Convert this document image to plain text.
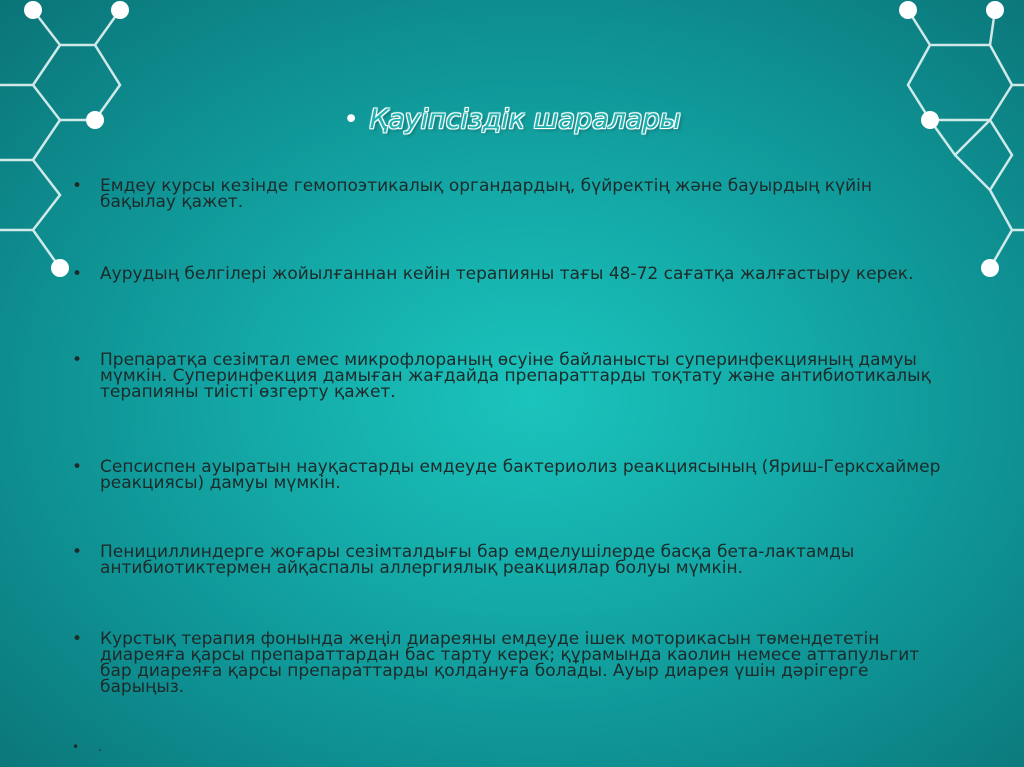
• Қауіпсіздік шаралары
•	Емдеу курсы кезінде гемопоэтикалық органдардың, бүйректің және бауырдың күйін бақылау қажет.
•	Аурудың белгілері жойылғаннан кейін терапияны тағы 48-72 сағатқа жалғастыру керек.
•	Препаратқа сезімтал емес микрофлораның өсуіне байланысты суперинфекцияның дамуы мүмкін. Суперинфекция дамыған жағдайда препараттарды тоқтату және антибиотикалық терапияны тиісті өзгерту қажет.
•	Сепсиспен ауыратын науқастарды емдеуде бактериолиз реакциясының (Яриш-Герксхаймер реакциясы) дамуы мүмкін.
•	Пенициллиндерге жоғары сезімталдығы бар емделушілерде басқа бета-лактамды антибиотиктермен айқаспалы аллергиялық реакциялар болуы мүмкін.
•	Курстық терапия фонында жеңіл диареяны емдеуде ішек моторикасын төмендететін диареяға қарсы препараттардан бас тарту керек; құрамында каолин немесе аттапульгит бар диареяға қарсы препараттарды қолдануға болады. Ауыр диарея үшін дәрігерге барыңыз.
• .
